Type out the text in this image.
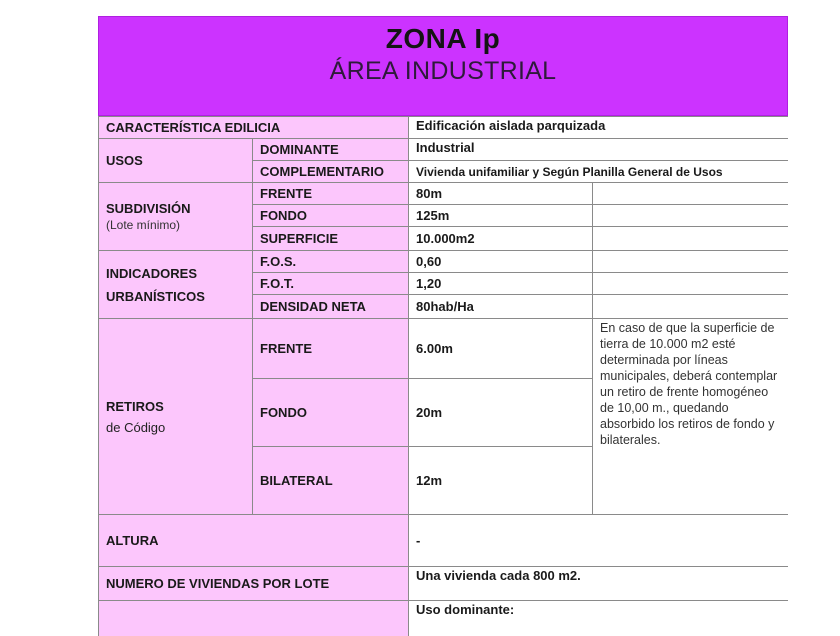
ZONA Ip
ÁREA INDUSTRIAL
CARACTERÍSTICA EDILICIA		Edificación aislada parquizada	
USOS	DOMINANTE	Industrial	
	COMPLEMENTARIO	Vivienda unifamiliar y Según Planilla General de Usos	

SUBDIVISIÓN
(Lote mínimo)	FRENTE	80m	
	FONDO	125m	
	SUPERFICIE	10.000m2	

INDICADORES
URBANÍSTICOS	F.O.S.	0,60	
	F.O.T.	1,20	
	DENSIDAD NETA	80hab/Ha	

RETIROS
de Código	FRENTE	6.00m	En caso de que la superficie de tierra de 10.000 m2 esté determinada por líneas municipales, deberá contemplar un retiro de frente homogéneo de 10,00 m., quedando absorbido los retiros de fondo y bilaterales.
	FONDO	20m	
	BILATERAL	12m	
ALTURA		-	
NUMERO DE VIVIENDAS POR LOTE		Una vivienda cada 800 m2.	
		Uso dominante:	
